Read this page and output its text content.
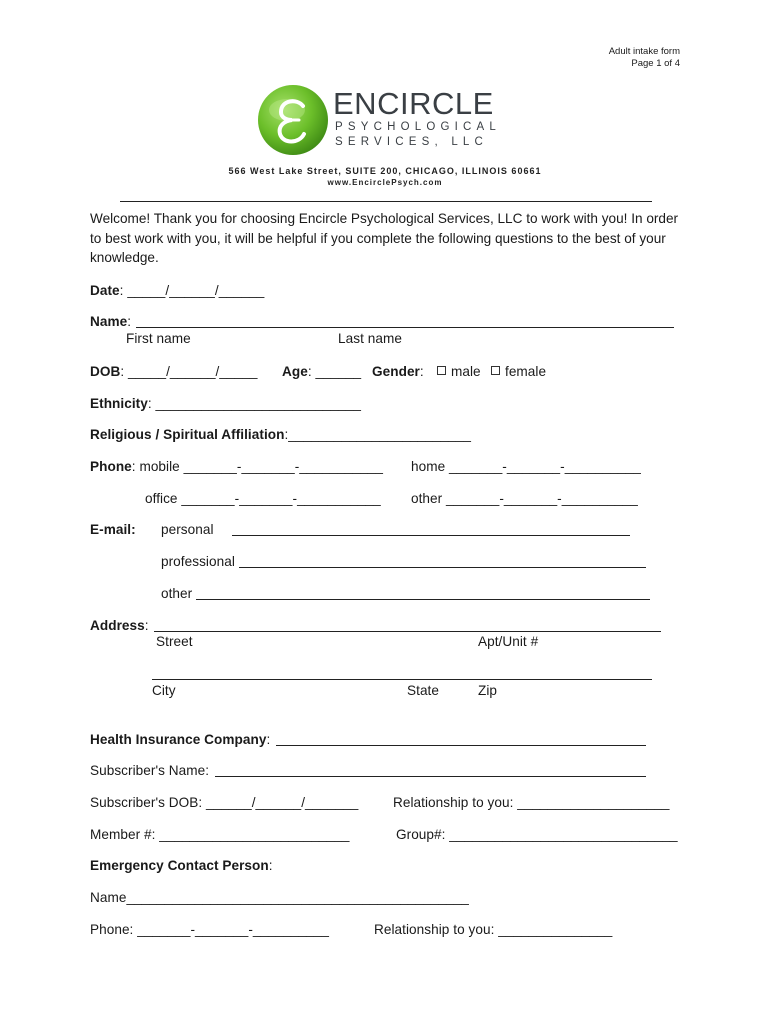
Adult intake form
Page 1 of 4
ENCIRCLE
PSYCHOLOGICAL
SERVICES, LLC
566 West Lake Street, SUITE 200, CHICAGO, ILLINOIS 60661
www.EncirclePsych.com
Welcome! Thank you for choosing Encircle Psychological Services, LLC to work with you! In order to best work with you, it will be helpful if you complete the following questions to the best of your knowledge.
Date: _____/______/______
Name:
First name	Last name
DOB: _____/______/_____ Age: ______ Gender:	male	female
Ethnicity: ___________________________
Religious / Spiritual Affiliation:________________________
Phone: mobile _______-_______-___________ home _______-_______-__________
office _______-_______-___________ other _______-_______-__________
E-mail: personal
professional
other
Address:
Street	Apt/Unit #
City	State	Zip
Health Insurance Company:
Subscriber's Name:
Subscriber's DOB: ______/______/_______	Relationship to you: ____________________
Member #: _________________________	Group#: ______________________________
Emergency Contact Person:
Name_____________________________________________
Phone: _______-_______-__________	Relationship to you: _______________
